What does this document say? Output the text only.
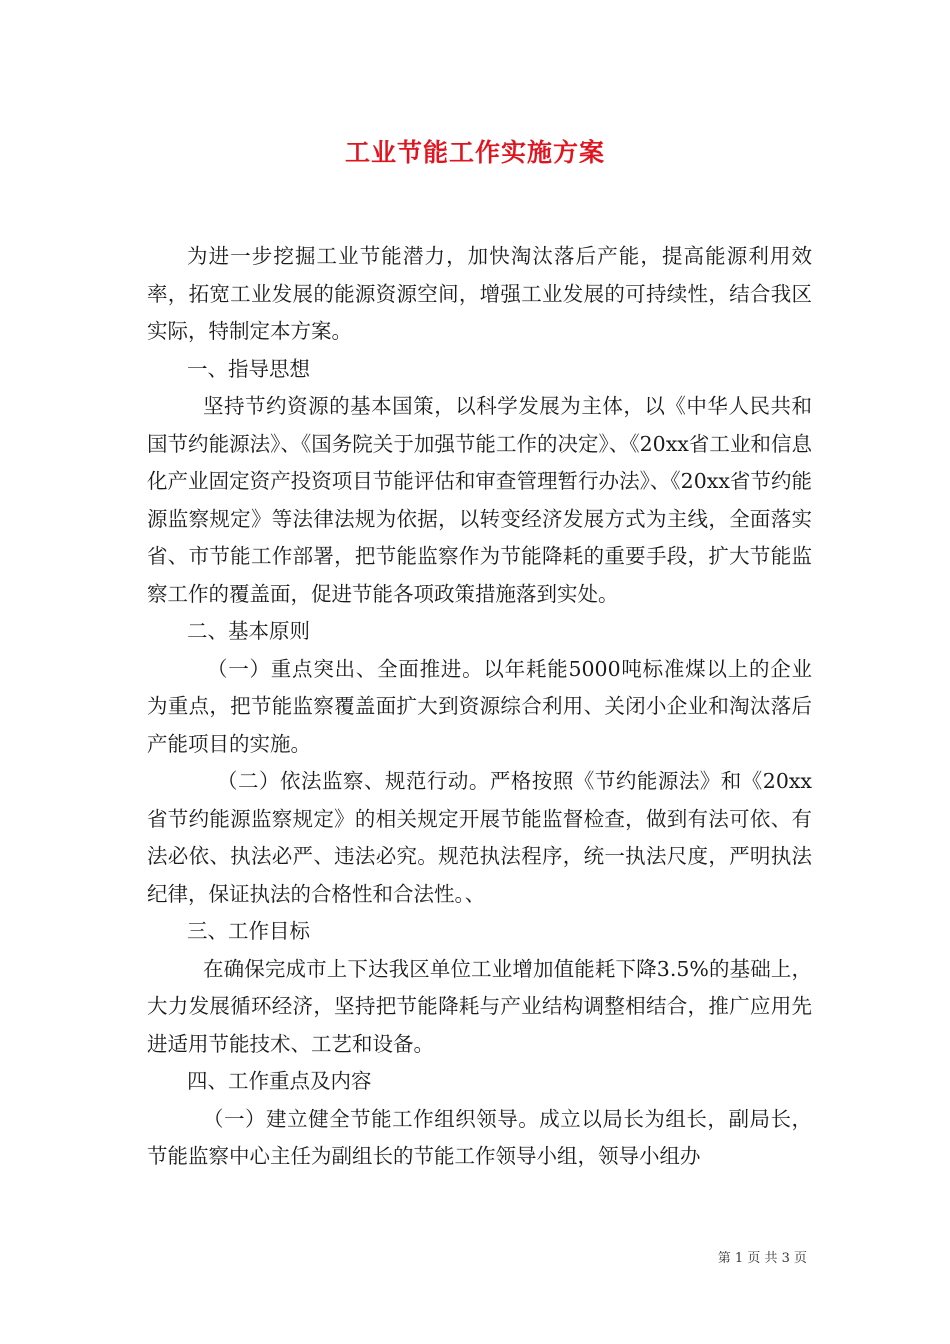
工业节能工作实施方案

为进一步挖掘工业节能潜力，加快淘汰落后产能，提高能源利用效率，拓宽工业发展的能源资源空间，增强工业发展的可持续性，结合我区实际，特制定本方案。

一、指导思想

坚持节约资源的基本国策，以科学发展为主体，以《中华人民共和国节约能源法》、《国务院关于加强节能工作的决定》、《20xx省工业和信息化产业固定资产投资项目节能评估和审查管理暂行办法》、《20xx省节约能源监察规定》等法律法规为依据，以转变经济发展方式为主线，全面落实省、市节能工作部署，把节能监察作为节能降耗的重要手段，扩大节能监察工作的覆盖面，促进节能各项政策措施落到实处。

二、基本原则

（一）重点突出、全面推进。以年耗能5000吨标准煤以上的企业为重点，把节能监察覆盖面扩大到资源综合利用、关闭小企业和淘汰落后产能项目的实施。

（二）依法监察、规范行动。严格按照《节约能源法》和《20xx省节约能源监察规定》的相关规定开展节能监督检查，做到有法可依、有法必依、执法必严、违法必究。规范执法程序，统一执法尺度，严明执法纪律，保证执法的合格性和合法性。、

三、工作目标

在确保完成市上下达我区单位工业增加值能耗下降3.5%的基础上，大力发展循环经济，坚持把节能降耗与产业结构调整相结合，推广应用先进适用节能技术、工艺和设备。

四、工作重点及内容

（一）建立健全节能工作组织领导。成立以局长为组长，副局长，节能监察中心主任为副组长的节能工作领导小组，领导小组办

第 1 页 共 3 页
